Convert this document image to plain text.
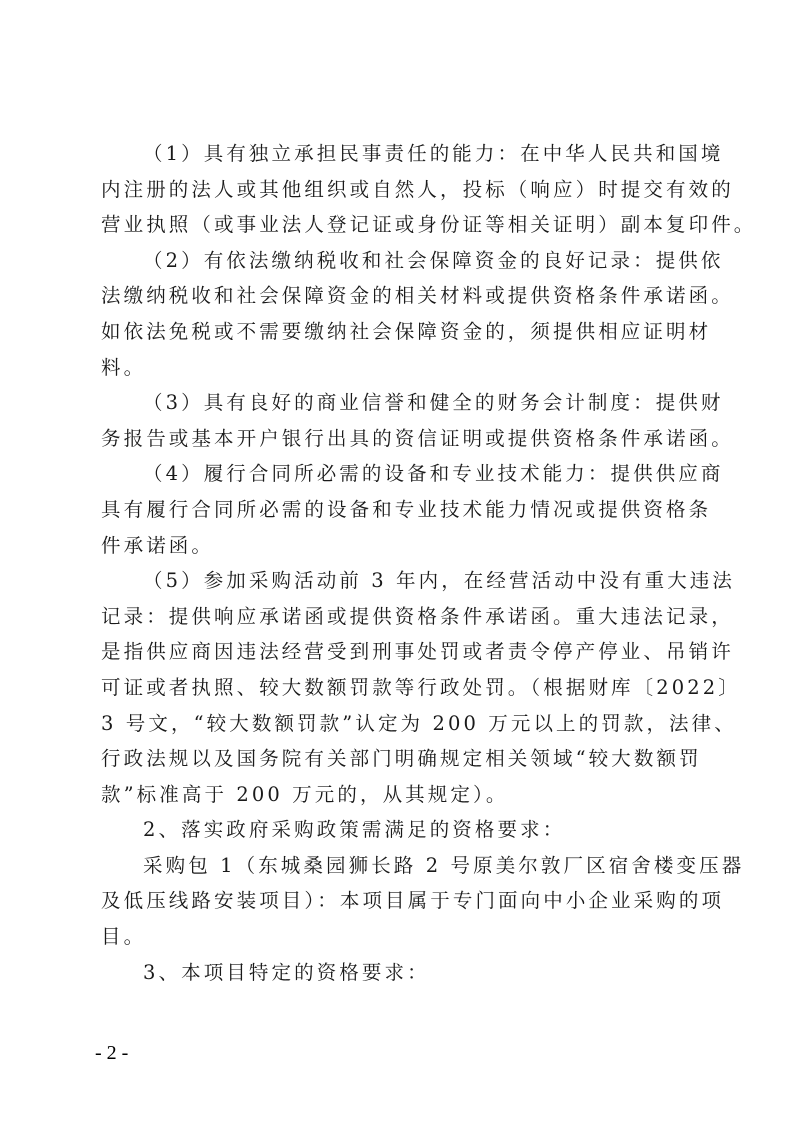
（1）具有独立承担民事责任的能力：在中华人民共和国境
内注册的法人或其他组织或自然人，投标（响应）时提交有效的
营业执照（或事业法人登记证或身份证等相关证明）副本复印件。
（2）有依法缴纳税收和社会保障资金的良好记录：提供依
法缴纳税收和社会保障资金的相关材料或提供资格条件承诺函。
如依法免税或不需要缴纳社会保障资金的，须提供相应证明材
料。
（3）具有良好的商业信誉和健全的财务会计制度：提供财
务报告或基本开户银行出具的资信证明或提供资格条件承诺函。
（4）履行合同所必需的设备和专业技术能力：提供供应商
具有履行合同所必需的设备和专业技术能力情况或提供资格条
件承诺函。
（5）参加采购活动前 3 年内，在经营活动中没有重大违法
记录：提供响应承诺函或提供资格条件承诺函。重大违法记录，
是指供应商因违法经营受到刑事处罚或者责令停产停业、吊销许
可证或者执照、较大数额罚款等行政处罚。（根据财库〔2022〕
3 号文，“较大数额罚款”认定为 200 万元以上的罚款，法律、
行政法规以及国务院有关部门明确规定相关领域“较大数额罚
款”标准高于 200 万元的，从其规定）。
2、落实政府采购政策需满足的资格要求：
采购包 1（东城桑园狮长路 2 号原美尔敦厂区宿舍楼变压器
及低压线路安装项目）：本项目属于专门面向中小企业采购的项
目。
3、本项目特定的资格要求：
- 2 -
